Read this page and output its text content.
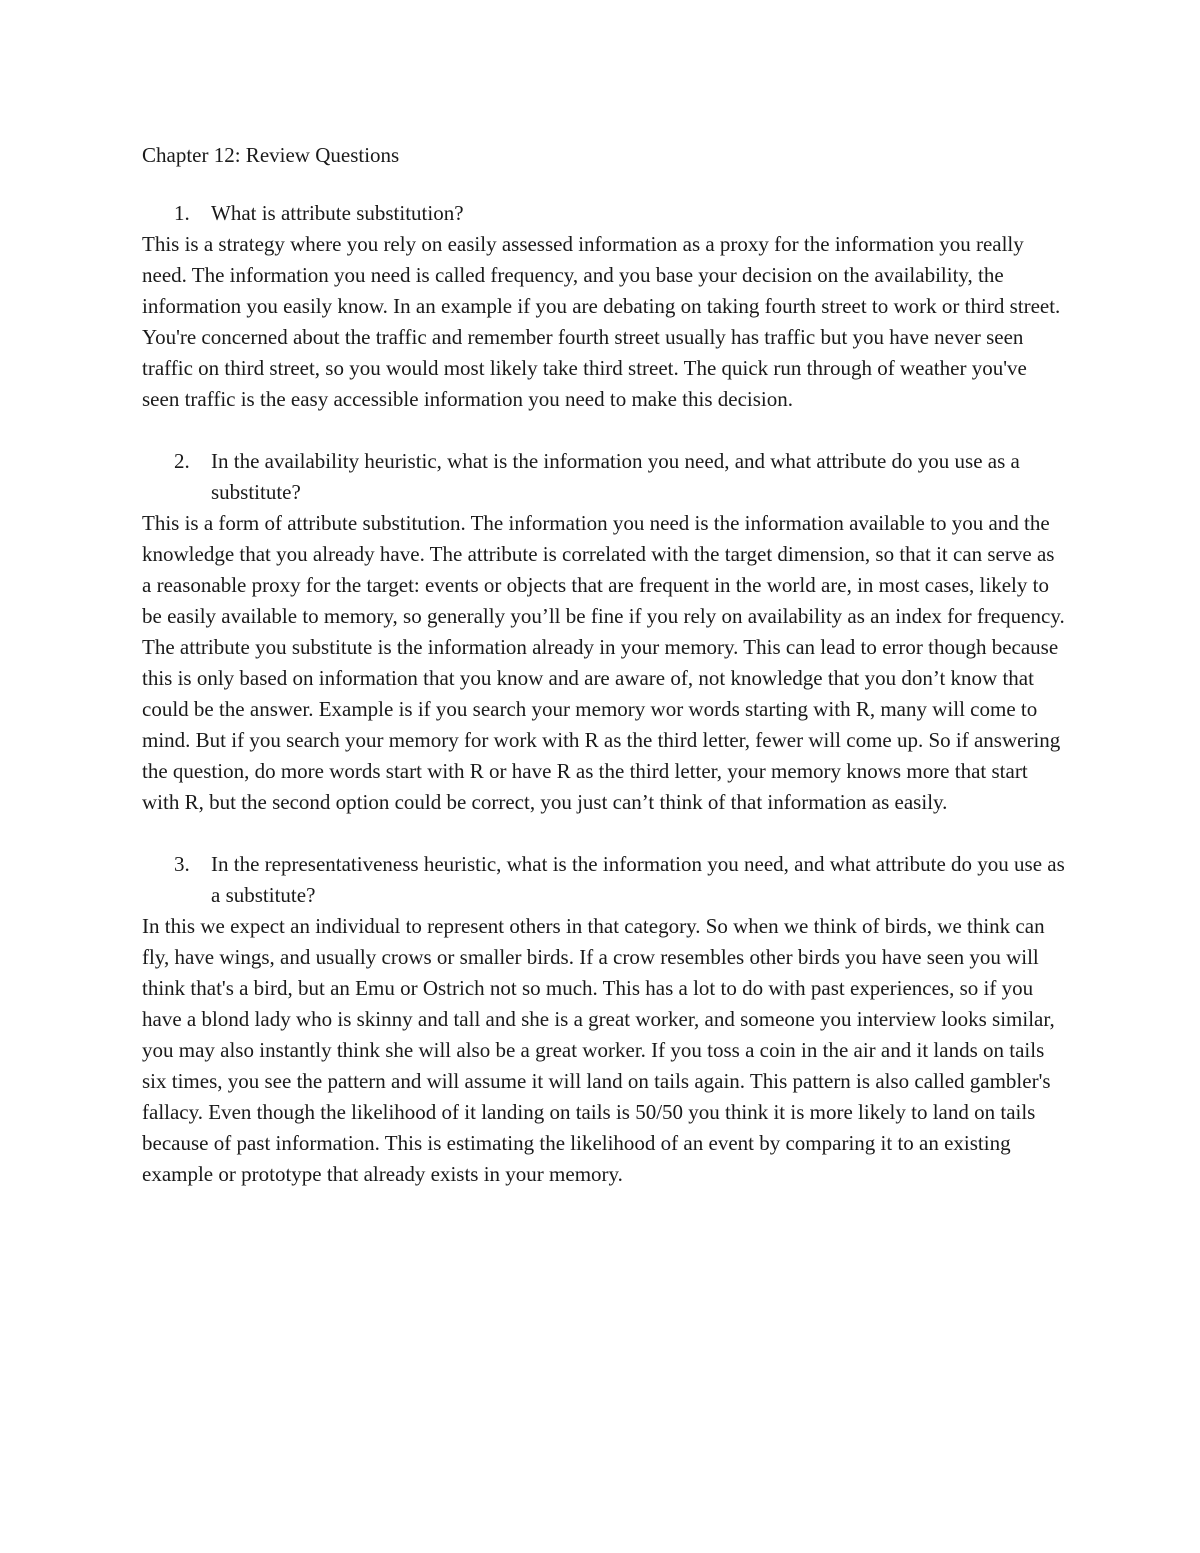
Chapter 12: Review Questions

1. What is attribute substitution?

This is a strategy where you rely on easily assessed information as a proxy for the information you really need. The information you need is called frequency, and you base your decision on the availability, the information you easily know. In an example if you are debating on taking fourth street to work or third street. You're concerned about the traffic and remember fourth street usually has traffic but you have never seen traffic on third street, so you would most likely take third street. The quick run through of weather you've seen traffic is the easy accessible information you need to make this decision.

2. In the availability heuristic, what is the information you need, and what attribute do you use as a substitute?

This is a form of attribute substitution. The information you need is the information available to you and the knowledge that you already have. The attribute is correlated with the target dimension, so that it can serve as a reasonable proxy for the target: events or objects that are frequent in the world are, in most cases, likely to be easily available to memory, so generally you’ll be fine if you rely on availability as an index for frequency. The attribute you substitute is the information already in your memory. This can lead to error though because this is only based on information that you know and are aware of, not knowledge that you don’t know that could be the answer. Example is if you search your memory wor words starting with R, many will come to mind. But if you search your memory for work with R as the third letter, fewer will come up. So if answering the question, do more words start with R or have R as the third letter, your memory knows more that start with R, but the second option could be correct, you just can’t think of that information as easily.

3. In the representativeness heuristic, what is the information you need, and what attribute do you use as a substitute?

In this we expect an individual to represent others in that category. So when we think of birds, we think can fly, have wings, and usually crows or smaller birds. If a crow resembles other birds you have seen you will think that's a bird, but an Emu or Ostrich not so much. This has a lot to do with past experiences, so if you have a blond lady who is skinny and tall and she is a great worker, and someone you interview looks similar, you may also instantly think she will also be a great worker. If you toss a coin in the air and it lands on tails six times, you see the pattern and will assume it will land on tails again. This pattern is also called gambler's fallacy. Even though the likelihood of it landing on tails is 50/50 you think it is more likely to land on tails because of past information. This is estimating the likelihood of an event by comparing it to an existing example or prototype that already exists in your memory.
